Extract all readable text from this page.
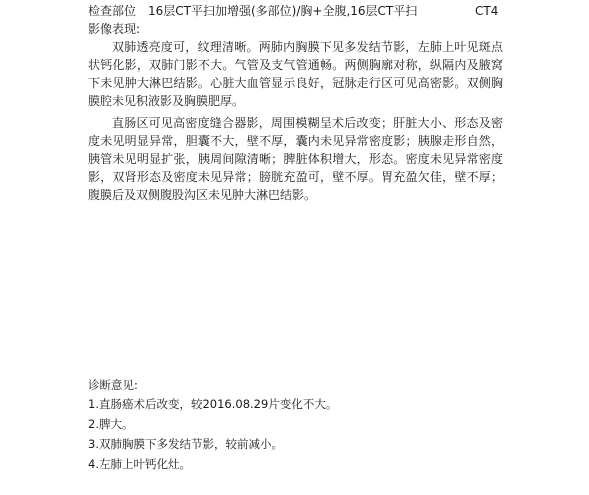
检查部位 16层CT平扫加增强(多部位)/胸+全腹,16层CT平扫	CT4
影像表现:

双肺透亮度可，纹理清晰。两肺内胸膜下见多发结节影，左肺上叶见斑点状钙化影，双肺门影不大。气管及支气管通畅。两侧胸廓对称，纵隔内及腋窝下未见肿大淋巴结影。心脏大血管显示良好，冠脉走行区可见高密影。双侧胸膜腔未见积液影及胸膜肥厚。

直肠区可见高密度缝合器影，周围模糊呈术后改变；肝脏大小、形态及密度未见明显异常，胆囊不大，壁不厚，囊内未见异常密度影；胰腺走形自然，胰管未见明显扩张，胰周间隙清晰；脾脏体积增大，形态。密度未见异常密度影，双肾形态及密度未见异常；膀胱充盈可，壁不厚。胃充盈欠佳，壁不厚；腹膜后及双侧腹股沟区未见肿大淋巴结影。

诊断意见:
1.直肠癌术后改变，较2016.08.29片变化不大。
2.脾大。
3.双肺胸膜下多发结节影，较前减小。
4.左肺上叶钙化灶。
